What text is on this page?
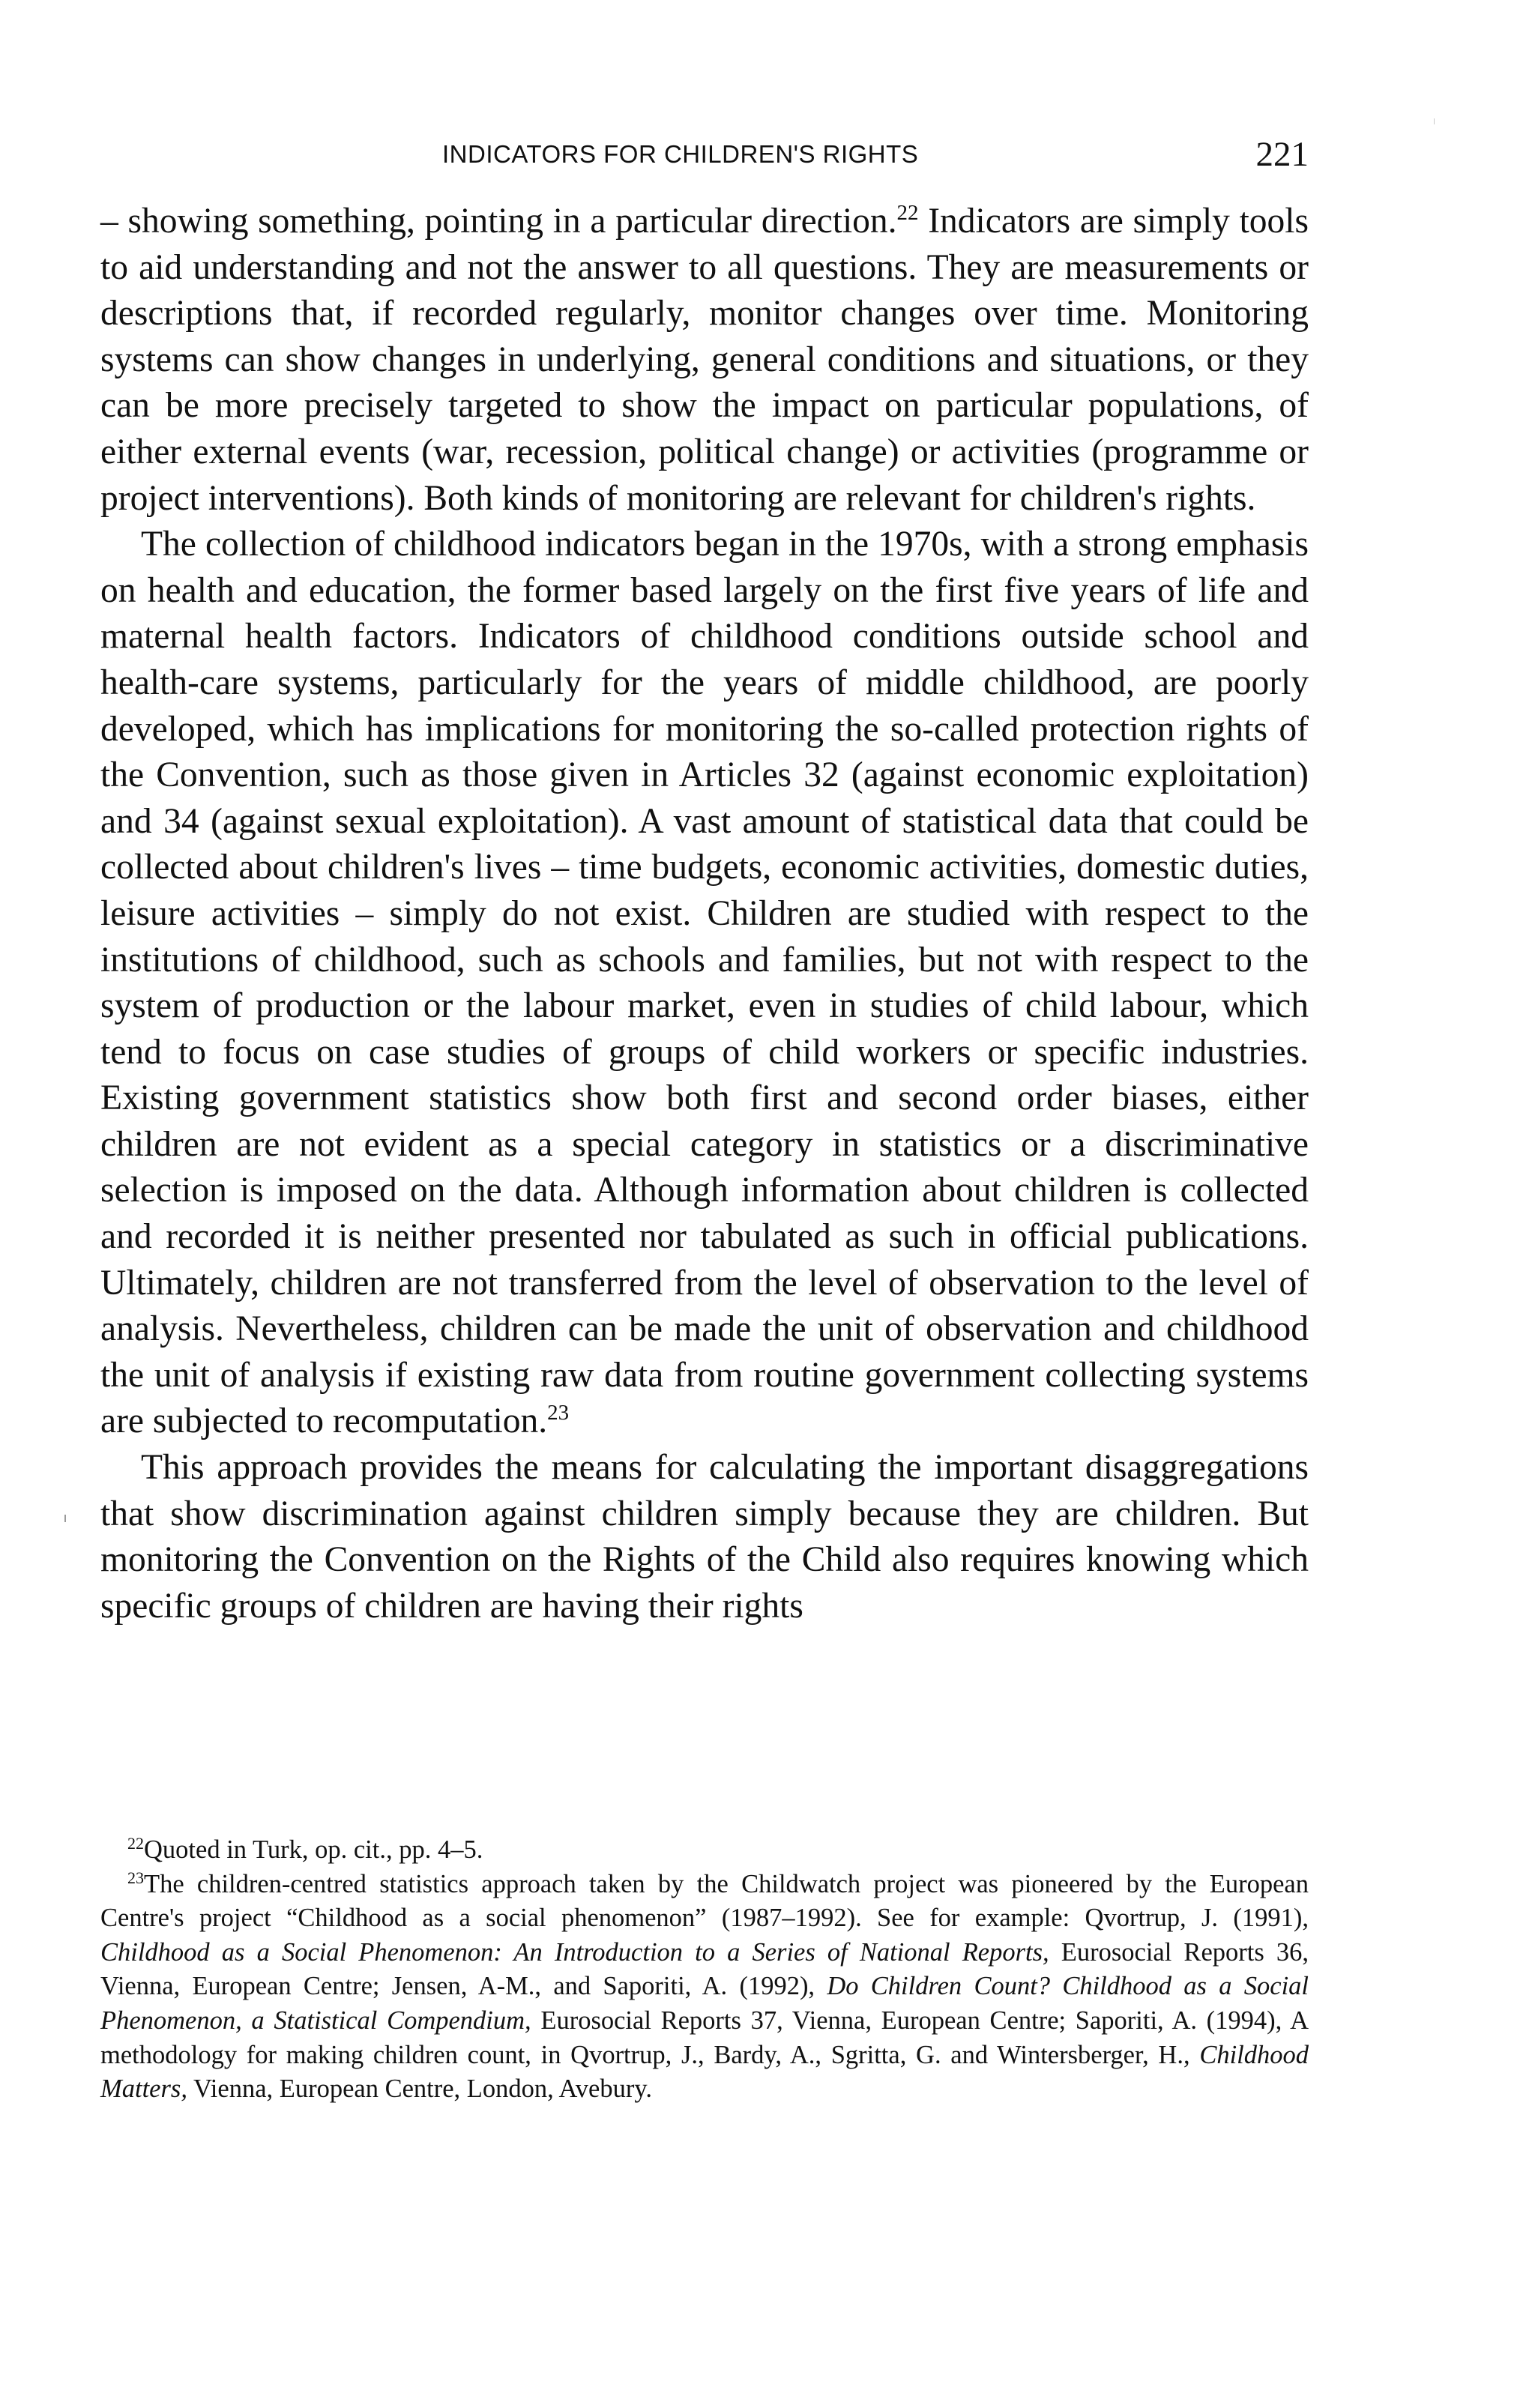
INDICATORS FOR CHILDREN'S RIGHTS	221

– showing something, pointing in a particular direction.$^{22}$ Indicators are simply tools to aid understanding and not the answer to all questions. They are measurements or descriptions that, if recorded regularly, monitor changes over time. Monitoring systems can show changes in underlying, general conditions and situations, or they can be more precisely targeted to show the impact on particular populations, of either external events (war, recession, political change) or activities (programme or project interventions). Both kinds of monitoring are relevant for children's rights.

The collection of childhood indicators began in the 1970s, with a strong emphasis on health and education, the former based largely on the first five years of life and maternal health factors. Indicators of childhood conditions outside school and health-care systems, particularly for the years of middle childhood, are poorly developed, which has implications for monitoring the so-called protection rights of the Convention, such as those given in Articles 32 (against economic exploitation) and 34 (against sexual exploitation). A vast amount of statistical data that could be collected about children's lives – time budgets, economic activities, domestic duties, leisure activities – simply do not exist. Children are studied with respect to the institutions of childhood, such as schools and families, but not with respect to the system of production or the labour market, even in studies of child labour, which tend to focus on case studies of groups of child workers or specific industries. Existing government statistics show both first and second order biases, either children are not evident as a special category in statistics or a discriminative selection is imposed on the data. Although information about children is collected and recorded it is neither presented nor tabulated as such in official publications. Ultimately, children are not transferred from the level of observation to the level of analysis. Nevertheless, children can be made the unit of observation and childhood the unit of analysis if existing raw data from routine government collecting systems are subjected to recomputation.$^{23}$

This approach provides the means for calculating the important disaggregations that show discrimination against children simply because they are children. But monitoring the Convention on the Rights of the Child also requires knowing which specific groups of children are having their rights

$^{22}$Quoted in Turk, op. cit., pp. 4–5.

$^{23}$The children-centred statistics approach taken by the Childwatch project was pioneered by the European Centre's project “Childhood as a social phenomenon” (1987–1992). See for example: Qvortrup, J. (1991), Childhood as a Social Phenomenon: An Introduction to a Series of National Reports, Eurosocial Reports 36, Vienna, European Centre; Jensen, A-M., and Saporiti, A. (1992), Do Children Count? Childhood as a Social Phenomenon, a Statistical Compendium, Eurosocial Reports 37, Vienna, European Centre; Saporiti, A. (1994), A methodology for making children count, in Qvortrup, J., Bardy, A., Sgritta, G. and Wintersberger, H., Childhood Matters, Vienna, European Centre, London, Avebury.
